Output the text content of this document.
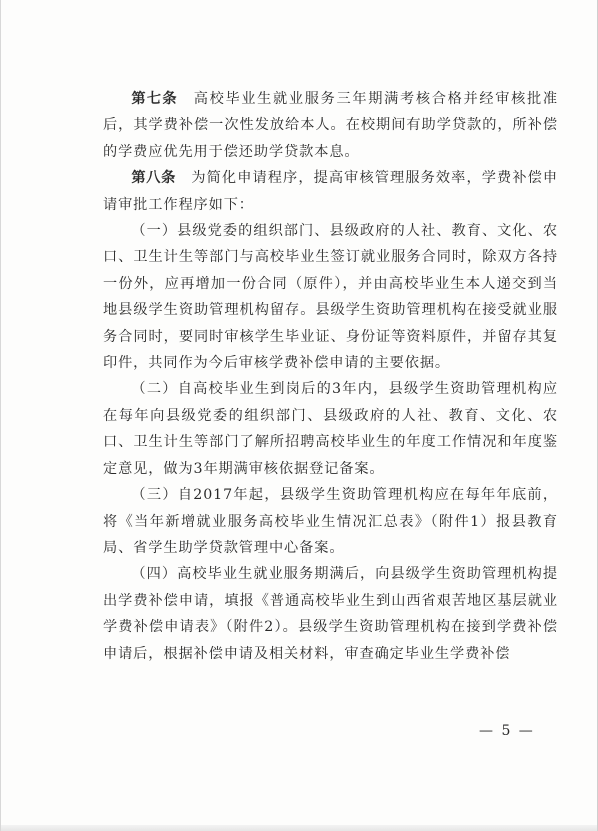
第七条  高校毕业生就业服务三年期满考核合格并经审核批准后，其学费补偿一次性发放给本人。在校期间有助学贷款的，所补偿的学费应优先用于偿还助学贷款本息。

第八条  为简化申请程序，提高审核管理服务效率，学费补偿申请审批工作程序如下：

（一）县级党委的组织部门、县级政府的人社、教育、文化、农口、卫生计生等部门与高校毕业生签订就业服务合同时，除双方各持一份外，应再增加一份合同（原件），并由高校毕业生本人递交到当地县级学生资助管理机构留存。县级学生资助管理机构在接受就业服务合同时，要同时审核学生毕业证、身份证等资料原件，并留存其复印件，共同作为今后审核学费补偿申请的主要依据。

（二）自高校毕业生到岗后的3年内，县级学生资助管理机构应在每年向县级党委的组织部门、县级政府的人社、教育、文化、农口、卫生计生等部门了解所招聘高校毕业生的年度工作情况和年度鉴定意见，做为3年期满审核依据登记备案。

（三）自2017年起，县级学生资助管理机构应在每年年底前，将《当年新增就业服务高校毕业生情况汇总表》（附件1）报县教育局、省学生助学贷款管理中心备案。

（四）高校毕业生就业服务期满后，向县级学生资助管理机构提出学费补偿申请，填报《普通高校毕业生到山西省艰苦地区基层就业学费补偿申请表》（附件2）。县级学生资助管理机构在接到学费补偿申请后，根据补偿申请及相关材料，审查确定毕业生学费补偿

— 5 —
